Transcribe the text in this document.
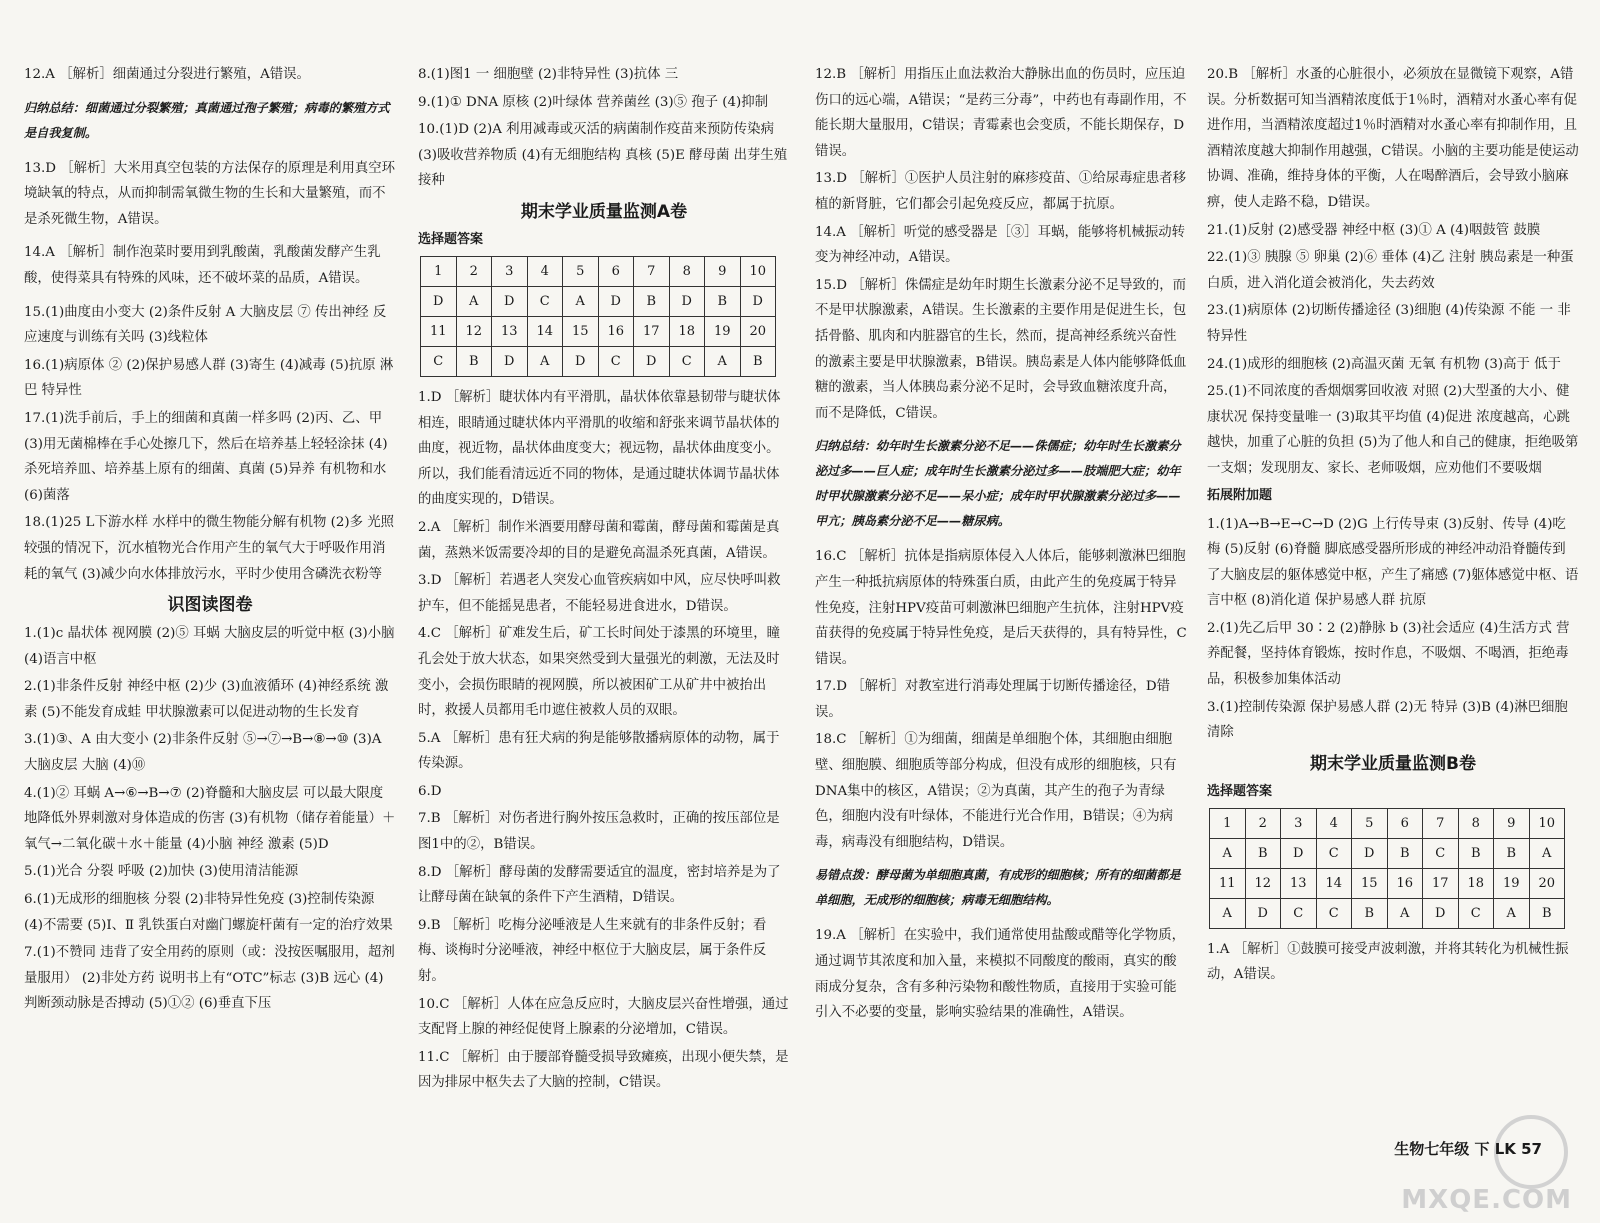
12.A ［解析］细菌通过分裂进行繁殖，A错误。

归纳总结：细菌通过分裂繁殖；真菌通过孢子繁殖；病毒的繁殖方式是自我复制。

13.D ［解析］大米用真空包装的方法保存的原理是利用真空环境缺氧的特点，从而抑制需氧微生物的生长和大量繁殖，而不是杀死微生物，A错误。

14.A ［解析］制作泡菜时要用到乳酸菌，乳酸菌发酵产生乳酸，使得菜具有特殊的风味，还不破坏菜的品质，A错误。

15.(1)曲度由小变大 (2)条件反射 A 大脑皮层 ⑦ 传出神经 反应速度与训练有关吗 (3)线粒体

16.(1)病原体 ② (2)保护易感人群 (3)寄生 (4)减毒 (5)抗原 淋巴 特异性

17.(1)洗手前后，手上的细菌和真菌一样多吗 (2)丙、乙、甲 (3)用无菌棉棒在手心处擦几下，然后在培养基上轻轻涂抹 (4)杀死培养皿、培养基上原有的细菌、真菌 (5)异养 有机物和水 (6)菌落

18.(1)25 L下游水样 水样中的微生物能分解有机物 (2)多 光照较强的情况下，沉水植物光合作用产生的氧气大于呼吸作用消耗的氧气 (3)减少向水体排放污水，平时少使用含磷洗衣粉等

识图读图卷

1.(1)c 晶状体 视网膜 (2)⑤ 耳蜗 大脑皮层的听觉中枢 (3)小脑 (4)语言中枢

2.(1)非条件反射 神经中枢 (2)少 (3)血液循环 (4)神经系统 激素 (5)不能发育成蛙 甲状腺激素可以促进动物的生长发育

3.(1)③、A 由大变小 (2)非条件反射 ⑤→⑦→B→⑧→⑩ (3)A 大脑皮层 大脑 (4)⑩

4.(1)② 耳蜗 A→⑥→B→⑦ (2)脊髓和大脑皮层 可以最大限度地降低外界刺激对身体造成的伤害 (3)有机物（储存着能量）＋氧气→二氧化碳＋水＋能量 (4)小脑 神经 激素 (5)D

5.(1)光合 分裂 呼吸 (2)加快 (3)使用清洁能源

6.(1)无成形的细胞核 分裂 (2)非特异性免疫 (3)控制传染源 (4)不需要 (5)Ⅰ、Ⅱ 乳铁蛋白对幽门螺旋杆菌有一定的治疗效果

7.(1)不赞同 违背了安全用药的原则（或：没按医嘱服用，超剂量服用） (2)非处方药 说明书上有“OTC”标志 (3)B 远心 (4)判断颈动脉是否搏动 (5)①② (6)垂直下压

8.(1)图1 一 细胞壁 (2)非特异性 (3)抗体 三

9.(1)① DNA 原核 (2)叶绿体 营养菌丝 (3)⑤ 孢子 (4)抑制

10.(1)D (2)A 利用减毒或灭活的病菌制作疫苗来预防传染病 (3)吸收营养物质 (4)有无细胞结构 真核 (5)E 酵母菌 出芽生殖 接种

期末学业质量监测A卷
选择题答案
1	2	3	4	5	6	7	8	9	10
D	A	D	C	A	D	B	D	B	D
11	12	13	14	15	16	17	18	19	20
C	B	D	A	D	C	D	C	A	B

1.D ［解析］睫状体内有平滑肌，晶状体依靠悬韧带与睫状体相连，眼睛通过睫状体内平滑肌的收缩和舒张来调节晶状体的曲度，视近物，晶状体曲度变大；视远物，晶状体曲度变小。所以，我们能看清远近不同的物体，是通过睫状体调节晶状体的曲度实现的，D错误。

2.A ［解析］制作米酒要用酵母菌和霉菌，酵母菌和霉菌是真菌，蒸熟米饭需要冷却的目的是避免高温杀死真菌，A错误。

3.D ［解析］若遇老人突发心血管疾病如中风，应尽快呼叫救护车，但不能摇晃患者，不能轻易进食进水，D错误。

4.C ［解析］矿难发生后，矿工长时间处于漆黑的环境里，瞳孔会处于放大状态，如果突然受到大量强光的刺激，无法及时变小，会损伤眼睛的视网膜，所以被困矿工从矿井中被抬出时，救援人员都用毛巾遮住被救人员的双眼。

5.A ［解析］患有狂犬病的狗是能够散播病原体的动物，属于传染源。

6.D

7.B ［解析］对伤者进行胸外按压急救时，正确的按压部位是图1中的②，B错误。

8.D ［解析］酵母菌的发酵需要适宜的温度，密封培养是为了让酵母菌在缺氧的条件下产生酒精，D错误。

9.B ［解析］吃梅分泌唾液是人生来就有的非条件反射；看梅、谈梅时分泌唾液，神经中枢位于大脑皮层，属于条件反射。

10.C ［解析］人体在应急反应时，大脑皮层兴奋性增强，通过支配肾上腺的神经促使肾上腺素的分泌增加，C错误。

11.C ［解析］由于腰部脊髓受损导致瘫痪，出现小便失禁，是因为排尿中枢失去了大脑的控制，C错误。

12.B ［解析］用指压止血法救治大静脉出血的伤员时，应压迫伤口的远心端，A错误；“是药三分毒”，中药也有毒副作用，不能长期大量服用，C错误；青霉素也会变质，不能长期保存，D错误。

13.D ［解析］①医护人员注射的麻疹疫苗、①给尿毒症患者移植的新肾脏，它们都会引起免疫反应，都属于抗原。

14.A ［解析］听觉的感受器是［③］耳蜗，能够将机械振动转变为神经冲动，A错误。

15.D ［解析］侏儒症是幼年时期生长激素分泌不足导致的，而不是甲状腺激素，A错误。生长激素的主要作用是促进生长，包括骨骼、肌肉和内脏器官的生长，然而，提高神经系统兴奋性的激素主要是甲状腺激素，B错误。胰岛素是人体内能够降低血糖的激素，当人体胰岛素分泌不足时，会导致血糖浓度升高，而不是降低，C错误。

归纳总结：幼年时生长激素分泌不足——侏儒症；幼年时生长激素分泌过多——巨人症；成年时生长激素分泌过多——肢端肥大症；幼年时甲状腺激素分泌不足——呆小症；成年时甲状腺激素分泌过多——甲亢；胰岛素分泌不足——糖尿病。

16.C ［解析］抗体是指病原体侵入人体后，能够刺激淋巴细胞产生一种抵抗病原体的特殊蛋白质，由此产生的免疫属于特异性免疫，注射HPV疫苗可刺激淋巴细胞产生抗体，注射HPV疫苗获得的免疫属于特异性免疫，是后天获得的，具有特异性，C错误。

17.D ［解析］对教室进行消毒处理属于切断传播途径，D错误。

18.C ［解析］①为细菌，细菌是单细胞个体，其细胞由细胞壁、细胞膜、细胞质等部分构成，但没有成形的细胞核，只有DNA集中的核区，A错误；②为真菌，其产生的孢子为青绿色，细胞内没有叶绿体，不能进行光合作用，B错误；④为病毒，病毒没有细胞结构，D错误。

易错点拨：酵母菌为单细胞真菌，有成形的细胞核；所有的细菌都是单细胞，无成形的细胞核；病毒无细胞结构。

19.A ［解析］在实验中，我们通常使用盐酸或醋等化学物质，通过调节其浓度和加入量，来模拟不同酸度的酸雨，真实的酸雨成分复杂，含有多种污染物和酸性物质，直接用于实验可能引入不必要的变量，影响实验结果的准确性，A错误。

20.B ［解析］水蚤的心脏很小，必须放在显微镜下观察，A错误。分析数据可知当酒精浓度低于1％时，酒精对水蚤心率有促进作用，当酒精浓度超过1％时酒精对水蚤心率有抑制作用，且酒精浓度越大抑制作用越强，C错误。小脑的主要功能是使运动协调、准确，维持身体的平衡，人在喝醉酒后，会导致小脑麻痹，使人走路不稳，D错误。

21.(1)反射 (2)感受器 神经中枢 (3)① A (4)咽鼓管 鼓膜

22.(1)③ 胰腺 ⑤ 卵巢 (2)⑥ 垂体 (4)乙 注射 胰岛素是一种蛋白质，进入消化道会被消化，失去药效

23.(1)病原体 (2)切断传播途径 (3)细胞 (4)传染源 不能 一 非特异性

24.(1)成形的细胞核 (2)高温灭菌 无氧 有机物 (3)高于 低于

25.(1)不同浓度的香烟烟雾回收液 对照 (2)大型蚤的大小、健康状况 保持变量唯一 (3)取其平均值 (4)促进 浓度越高，心跳越快，加重了心脏的负担 (5)为了他人和自己的健康，拒绝吸第一支烟；发现朋友、家长、老师吸烟，应劝他们不要吸烟

拓展附加题

1.(1)A→B→E→C→D (2)G 上行传导束 (3)反射、传导 (4)吃梅 (5)反射 (6)脊髓 脚底感受器所形成的神经冲动沿脊髓传到了大脑皮层的躯体感觉中枢，产生了痛感 (7)躯体感觉中枢、语言中枢 (8)消化道 保护易感人群 抗原

2.(1)先乙后甲 30∶2 (2)静脉 b (3)社会适应 (4)生活方式 营养配餐，坚持体育锻炼，按时作息，不吸烟、不喝酒，拒绝毒品，积极参加集体活动

3.(1)控制传染源 保护易感人群 (2)无 特异 (3)B (4)淋巴细胞 清除

期末学业质量监测B卷
选择题答案
1	2	3	4	5	6	7	8	9	10
A	B	D	C	D	B	C	B	B	A
11	12	13	14	15	16	17	18	19	20
A	D	C	C	B	A	D	C	A	B

1.A ［解析］①鼓膜可接受声波刺激，并将其转化为机械性振动，A错误。

MXQE.COM
生物七年级 下 LK 57
